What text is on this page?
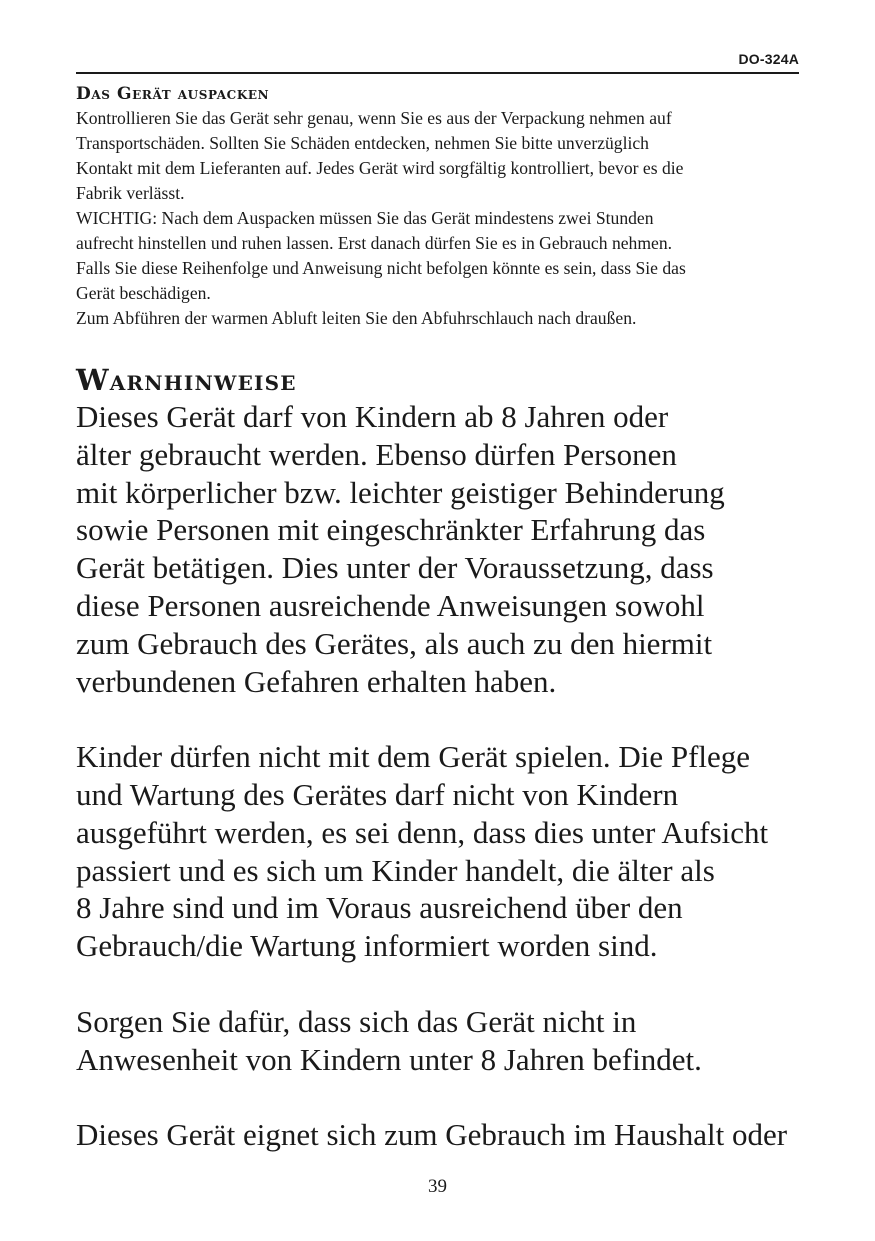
DO-324A
Das Gerät auspacken

Kontrollieren Sie das Gerät sehr genau, wenn Sie es aus der Verpackung nehmen auf
Transportschäden. Sollten Sie Schäden entdecken, nehmen Sie bitte unverzüglich
Kontakt mit dem Lieferanten auf. Jedes Gerät wird sorgfältig kontrolliert, bevor es die
Fabrik verlässt.

WICHTIG: Nach dem Auspacken müssen Sie das Gerät mindestens zwei Stunden
aufrecht hinstellen und ruhen lassen. Erst danach dürfen Sie es in Gebrauch nehmen.
Falls Sie diese Reihenfolge und Anweisung nicht befolgen könnte es sein, dass Sie das
Gerät beschädigen.

Zum Abführen der warmen Abluft leiten Sie den Abfuhrschlauch nach draußen.

Warnhinweise

Dieses Gerät darf von Kindern ab 8 Jahren oder
älter gebraucht werden. Ebenso dürfen Personen
mit körperlicher bzw. leichter geistiger Behinderung
sowie Personen mit eingeschränkter Erfahrung das
Gerät betätigen. Dies unter der Voraussetzung, dass
diese Personen ausreichende Anweisungen sowohl
zum Gebrauch des Gerätes, als auch zu den hiermit
verbundenen Gefahren erhalten haben.

Kinder dürfen nicht mit dem Gerät spielen. Die Pflege
und Wartung des Gerätes darf nicht von Kindern
ausgeführt werden, es sei denn, dass dies unter Aufsicht
passiert und es sich um Kinder handelt, die älter als
8 Jahre sind und im Voraus ausreichend über den
Gebrauch/die Wartung informiert worden sind.

Sorgen Sie dafür, dass sich das Gerät nicht in
Anwesenheit von Kindern unter 8 Jahren befindet.

Dieses Gerät eignet sich zum Gebrauch im Haushalt oder

39
